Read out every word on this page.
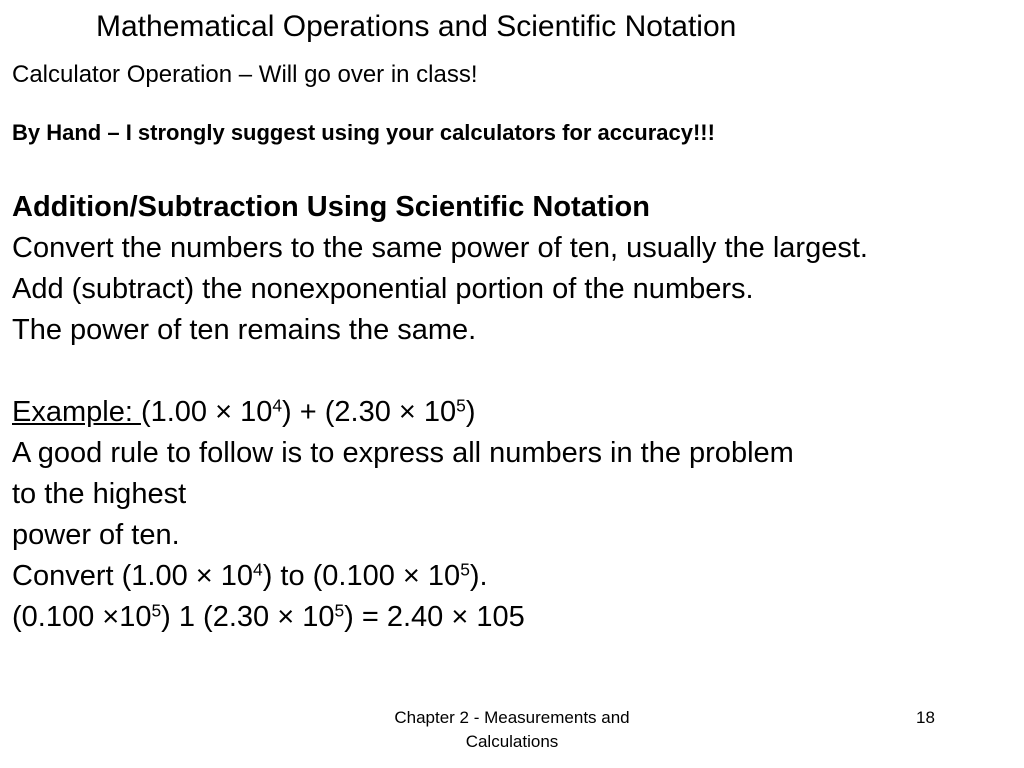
Mathematical Operations and Scientific Notation
Calculator Operation – Will go over in class!
By Hand – I strongly suggest using your calculators for accuracy!!!
Addition/Subtraction Using Scientific Notation
Convert the numbers to the same power of ten, usually the largest.
Add (subtract) the nonexponential portion of the numbers.
The power of ten remains the same.
Example: $(1.00 \times 10^4) + (2.30 \times 10^5)$
A good rule to follow is to express all numbers in the problem
to the highest
power of ten.
Convert $(1.00 \times 10^4)$ to $(0.100 \times 10^5)$.
$(0.100 \times 10^5)$ 1 $(2.30 \times 10^5) = 2.40 \times 105$
Chapter 2 - Measurements and
Calculations
18
